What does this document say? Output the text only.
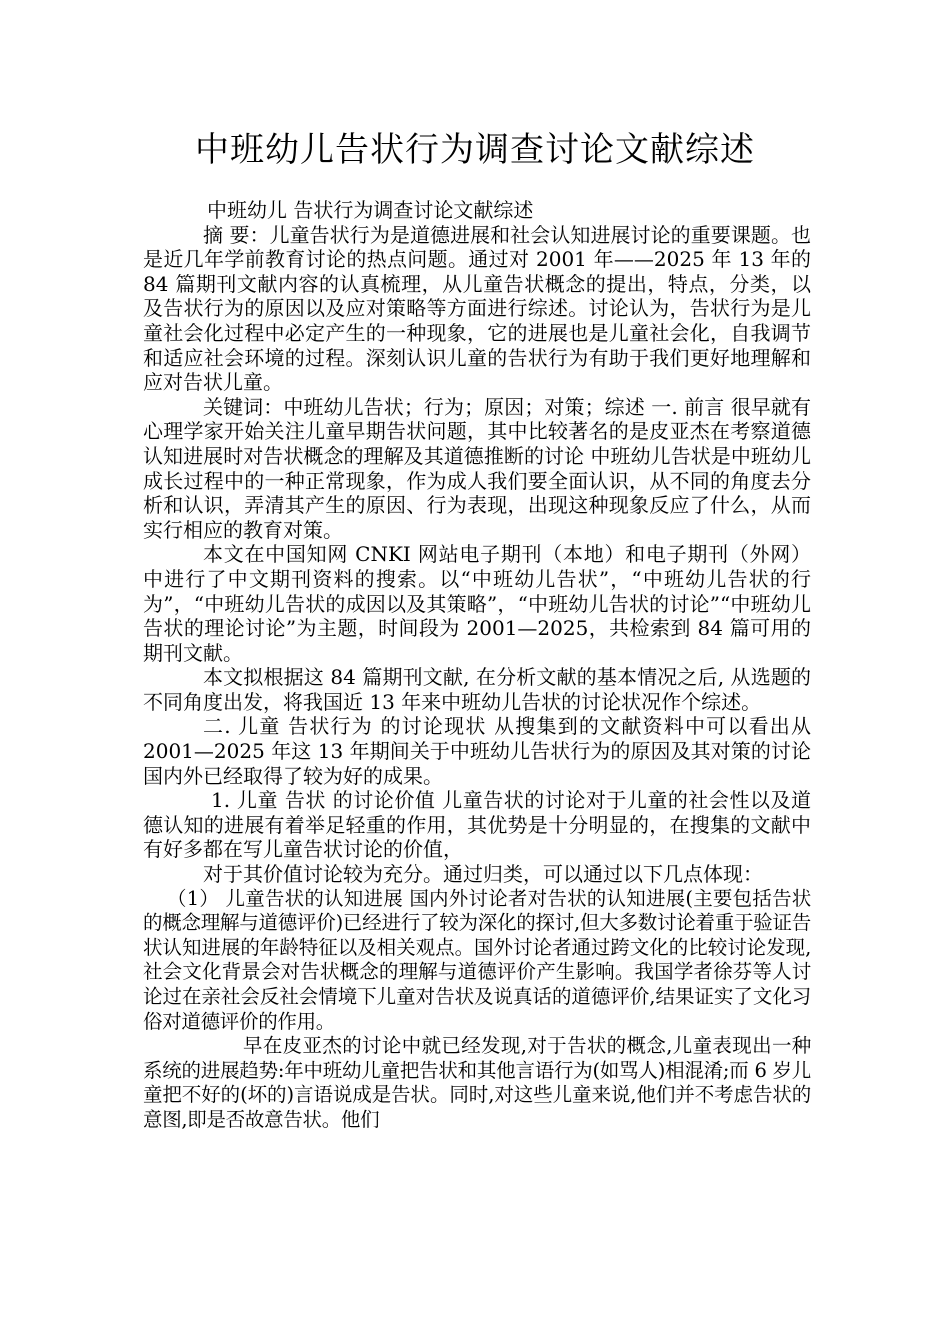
中班幼儿告状行为调查讨论文献综述

中班幼儿 告状行为调查讨论文献综述

摘 要：儿童告状行为是道德进展和社会认知进展讨论的重要课题。也是近几年学前教育讨论的热点问题。通过对 2001 年——2025 年 13 年的 84 篇期刊文献内容的认真梳理，从儿童告状概念的提出，特点，分类，以及告状行为的原因以及应对策略等方面进行综述。讨论认为，告状行为是儿童社会化过程中必定产生的一种现象，它的进展也是儿童社会化，自我调节和适应社会环境的过程。深刻认识儿童的告状行为有助于我们更好地理解和应对告状儿童。

关键词：中班幼儿告状；行为；原因；对策；综述 一. 前言 很早就有心理学家开始关注儿童早期告状问题，其中比较著名的是皮亚杰在考察道德认知进展时对告状概念的理解及其道德推断的讨论 中班幼儿告状是中班幼儿成长过程中的一种正常现象，作为成人我们要全面认识，从不同的角度去分析和认识，弄清其产生的原因、行为表现，出现这种现象反应了什么，从而实行相应的教育对策。

本文在中国知网 CNKI 网站电子期刊（本地）和电子期刊（外网）中进行了中文期刊资料的搜索。以“中班幼儿告状”，“中班幼儿告状的行为”，“中班幼儿告状的成因以及其策略”，“中班幼儿告状的讨论”“中班幼儿告状的理论讨论”为主题，时间段为 2001—2025，共检索到 84 篇可用的期刊文献。

本文拟根据这 84 篇期刊文献, 在分析文献的基本情况之后, 从选题的不同角度出发，将我国近 13 年来中班幼儿告状的讨论状况作个综述。

二. 儿童 告状行为 的讨论现状 从搜集到的文献资料中可以看出从 2001—2025 年这 13 年期间关于中班幼儿告状行为的原因及其对策的讨论国内外已经取得了较为好的成果。

1. 儿童 告状 的讨论价值 儿童告状的讨论对于儿童的社会性以及道德认知的进展有着举足轻重的作用，其优势是十分明显的，在搜集的文献中有好多都在写儿童告状讨论的价值，

对于其价值讨论较为充分。通过归类，可以通过以下几点体现：

（1） 儿童告状的认知进展 国内外讨论者对告状的认知进展(主要包括告状的概念理解与道德评价)已经进行了较为深化的探讨,但大多数讨论着重于验证告状认知进展的年龄特征以及相关观点。国外讨论者通过跨文化的比较讨论发现,社会文化背景会对告状概念的理解与道德评价产生影响。我国学者徐芬等人讨论过在亲社会反社会情境下儿童对告状及说真话的道德评价,结果证实了文化习俗对道德评价的作用。

早在皮亚杰的讨论中就已经发现,对于告状的概念,儿童表现出一种系统的进展趋势:年中班幼儿童把告状和其他言语行为(如骂人)相混淆;而 6 岁儿童把不好的(坏的)言语说成是告状。同时,对这些儿童来说,他们并不考虑告状的意图,即是否故意告状。他们
